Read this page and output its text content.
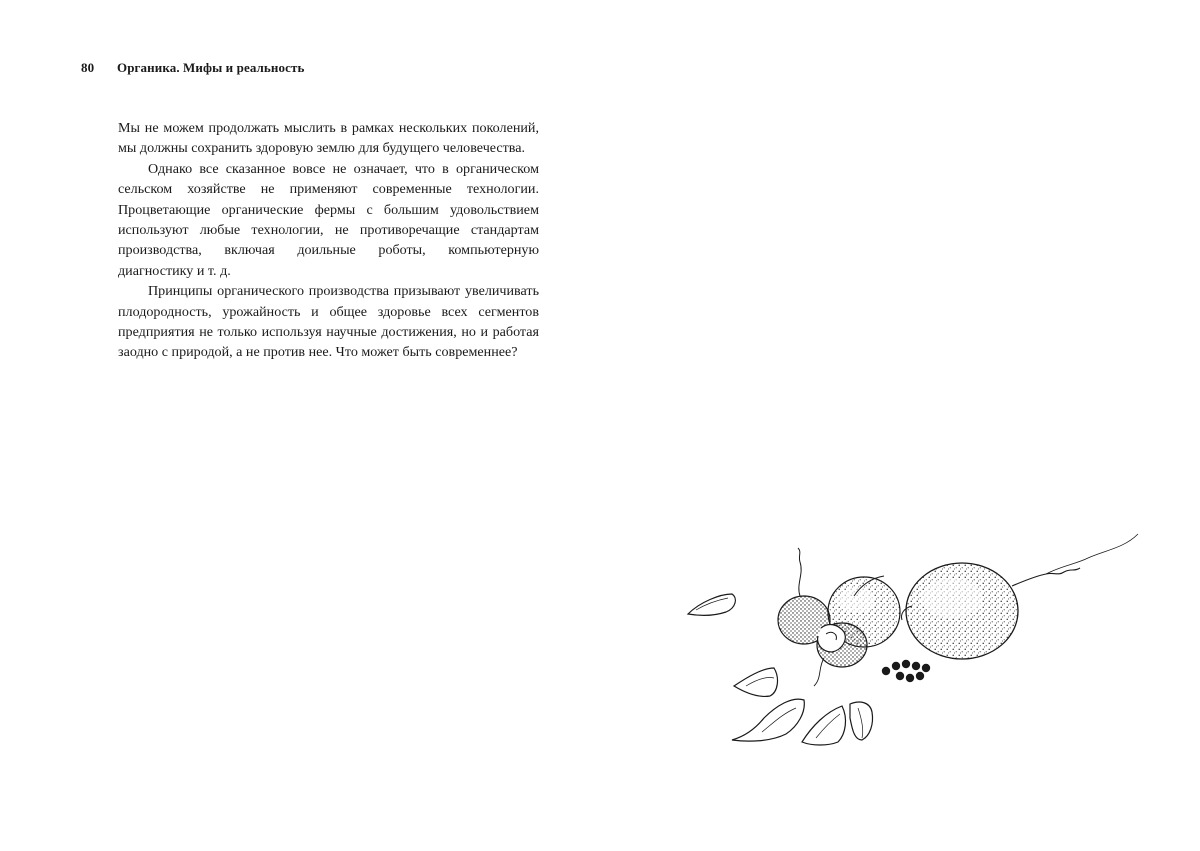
80 Органика. Мифы и реальность

Мы не можем продолжать мыслить в рамках нескольких поколений, мы должны сохранить здоровую землю для будущего человечества.

Однако все сказанное вовсе не означает, что в органическом сельском хозяйстве не применяют современные технологии. Процветающие органические фермы с большим удовольствием используют любые технологии, не противоречащие стандартам производства, включая доильные роботы, компьютерную диагностику и т. д.

Принципы органического производства призывают увеличивать плодородность, урожайность и общее здоровье всех сегментов предприятия не только используя научные достижения, но и работая заодно с природой, а не против нее. Что может быть современнее?
